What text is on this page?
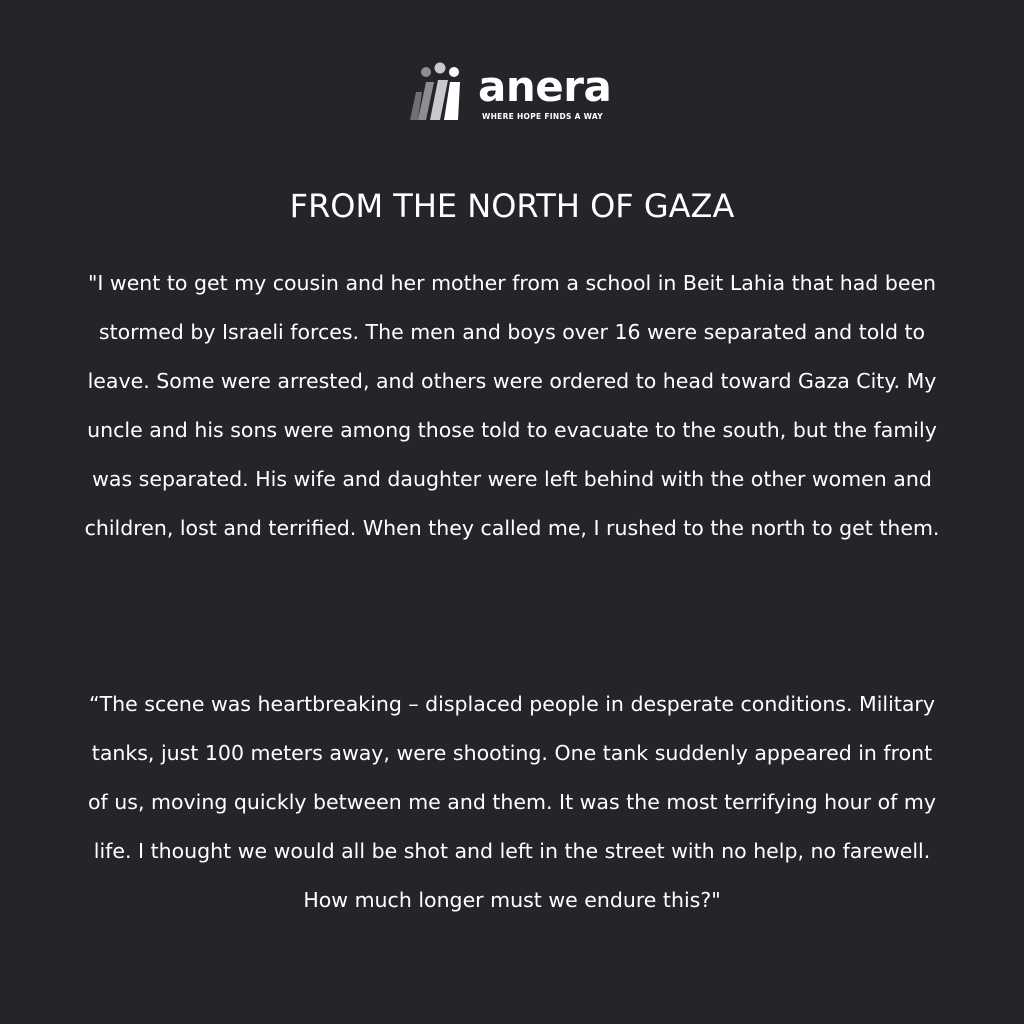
anera
WHERE HOPE FINDS A WAY
FROM THE NORTH OF GAZA

"I went to get my cousin and her mother from a school in Beit Lahia that had been stormed by Israeli forces. The men and boys over 16 were separated and told to leave. Some were arrested, and others were ordered to head toward Gaza City. My uncle and his sons were among those told to evacuate to the south, but the family was separated. His wife and daughter were left behind with the other women and children, lost and terrified. When they called me, I rushed to the north to get them.

“The scene was heartbreaking – displaced people in desperate conditions. Military tanks, just 100 meters away, were shooting. One tank suddenly appeared in front of us, moving quickly between me and them. It was the most terrifying hour of my life. I thought we would all be shot and left in the street with no help, no farewell. How much longer must we endure this?"
